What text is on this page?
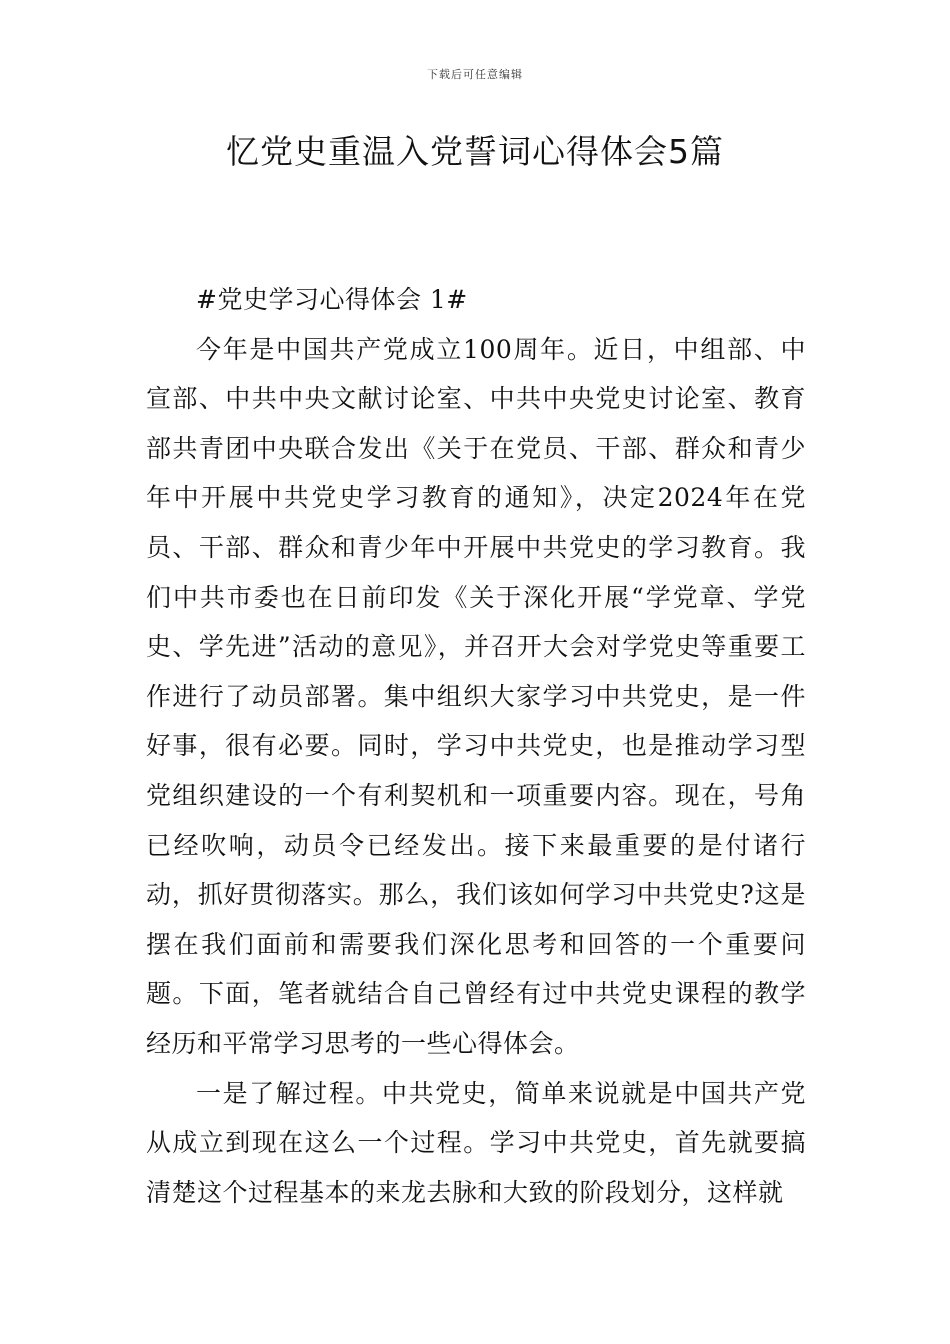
下载后可任意编辑
忆党史重温入党誓词心得体会5篇
#党史学习心得体会 1#

今年是中国共产党成立100周年。近日，中组部、中宣部、中共中央文献讨论室、中共中央党史讨论室、教育部共青团中央联合发出《关于在党员、干部、群众和青少年中开展中共党史学习教育的通知》，决定2024年在党员、干部、群众和青少年中开展中共党史的学习教育。我们中共市委也在日前印发《关于深化开展“学党章、学党史、学先进”活动的意见》，并召开大会对学党史等重要工作进行了动员部署。集中组织大家学习中共党史，是一件好事，很有必要。同时，学习中共党史，也是推动学习型党组织建设的一个有利契机和一项重要内容。现在，号角已经吹响，动员令已经发出。接下来最重要的是付诸行动，抓好贯彻落实。那么，我们该如何学习中共党史?这是摆在我们面前和需要我们深化思考和回答的一个重要问题。下面，笔者就结合自己曾经有过中共党史课程的教学经历和平常学习思考的一些心得体会。

一是了解过程。中共党史，简单来说就是中国共产党从成立到现在这么一个过程。学习中共党史，首先就要搞清楚这个过程基本的来龙去脉和大致的阶段划分，这样就
